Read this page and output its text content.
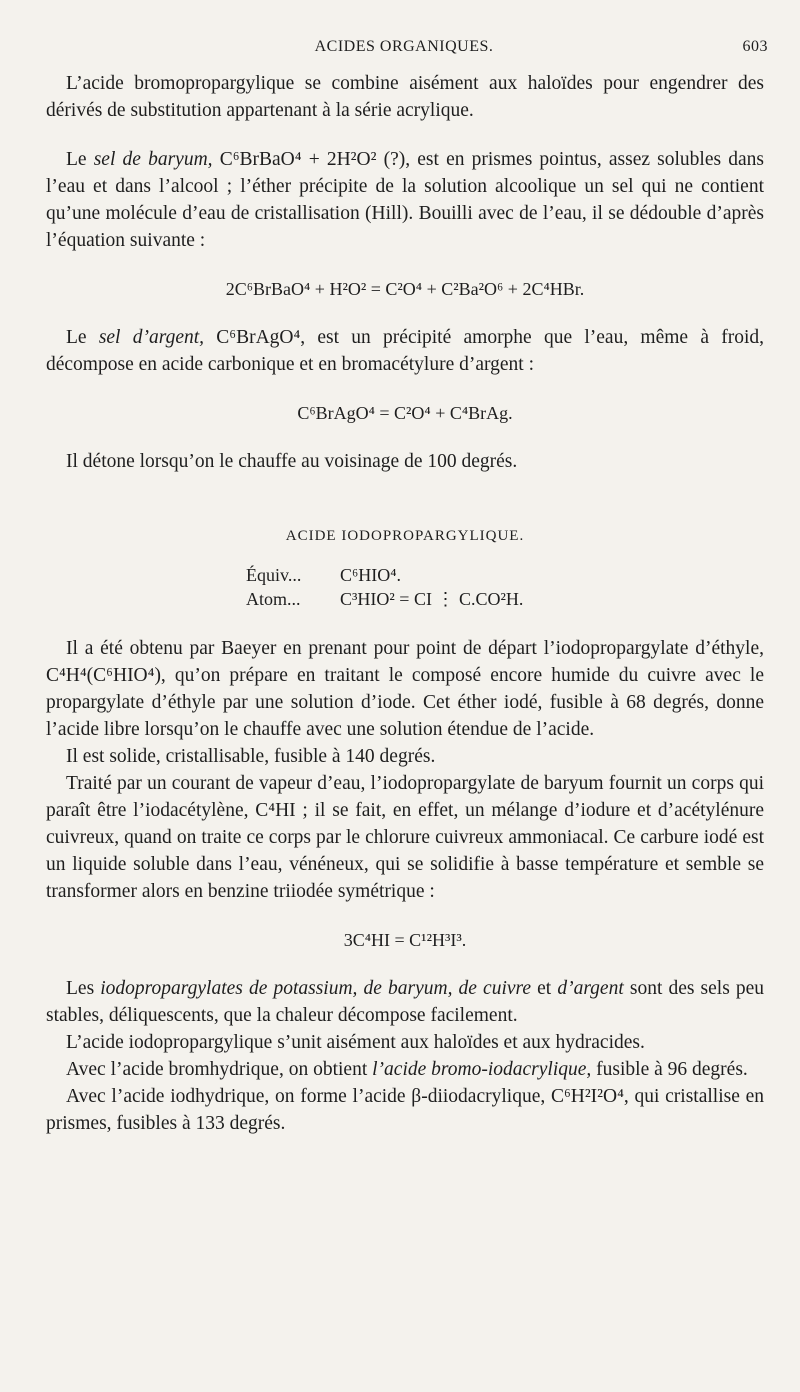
ACIDES ORGANIQUES.	603

L’acide bromopropargylique se combine aisément aux haloïdes pour engendrer des dérivés de substitution appartenant à la série acrylique.

Le sel de baryum, C⁶BrBaO⁴ + 2H²O² (?), est en prismes pointus, assez solubles dans l’eau et dans l’alcool ; l’éther précipite de la solution alcoolique un sel qui ne contient qu’une molécule d’eau de cristallisation (Hill). Bouilli avec de l’eau, il se dédouble d’après l’équation suivante :

2C⁶BrBaO⁴ + H²O² = C²O⁴ + C²Ba²O⁶ + 2C⁴HBr.

Le sel d’argent, C⁶BrAgO⁴, est un précipité amorphe que l’eau, même à froid, décompose en acide carbonique et en bromacétylure d’argent :

C⁶BrAgO⁴ = C²O⁴ + C⁴BrAg.

Il détone lorsqu’on le chauffe au voisinage de 100 degrés.

ACIDE IODOPROPARGYLIQUE.
Équiv... C⁶HIO⁴.
Atom... C³HIO² = CI ⋮ C.CO²H.

Il a été obtenu par Baeyer en prenant pour point de départ l’iodopropargylate d’éthyle, C⁴H⁴(C⁶HIO⁴), qu’on prépare en traitant le composé encore humide du cuivre avec le propargylate d’éthyle par une solution d’iode. Cet éther iodé, fusible à 68 degrés, donne l’acide libre lorsqu’on le chauffe avec une solution étendue de l’acide.

Il est solide, cristallisable, fusible à 140 degrés.

Traité par un courant de vapeur d’eau, l’iodopropargylate de baryum fournit un corps qui paraît être l’iodacétylène, C⁴HI ; il se fait, en effet, un mélange d’iodure et d’acétylénure cuivreux, quand on traite ce corps par le chlorure cuivreux ammoniacal. Ce carbure iodé est un liquide soluble dans l’eau, vénéneux, qui se solidifie à basse température et semble se transformer alors en benzine triiodée symétrique :

3C⁴HI = C¹²H³I³.

Les iodopropargylates de potassium, de baryum, de cuivre et d’argent sont des sels peu stables, déliquescents, que la chaleur décompose facilement.

L’acide iodopropargylique s’unit aisément aux haloïdes et aux hydracides.

Avec l’acide bromhydrique, on obtient l’acide bromo-iodacrylique, fusible à 96 degrés.

Avec l’acide iodhydrique, on forme l’acide β-diiodacrylique, C⁶H²I²O⁴, qui cristallise en prismes, fusibles à 133 degrés.
